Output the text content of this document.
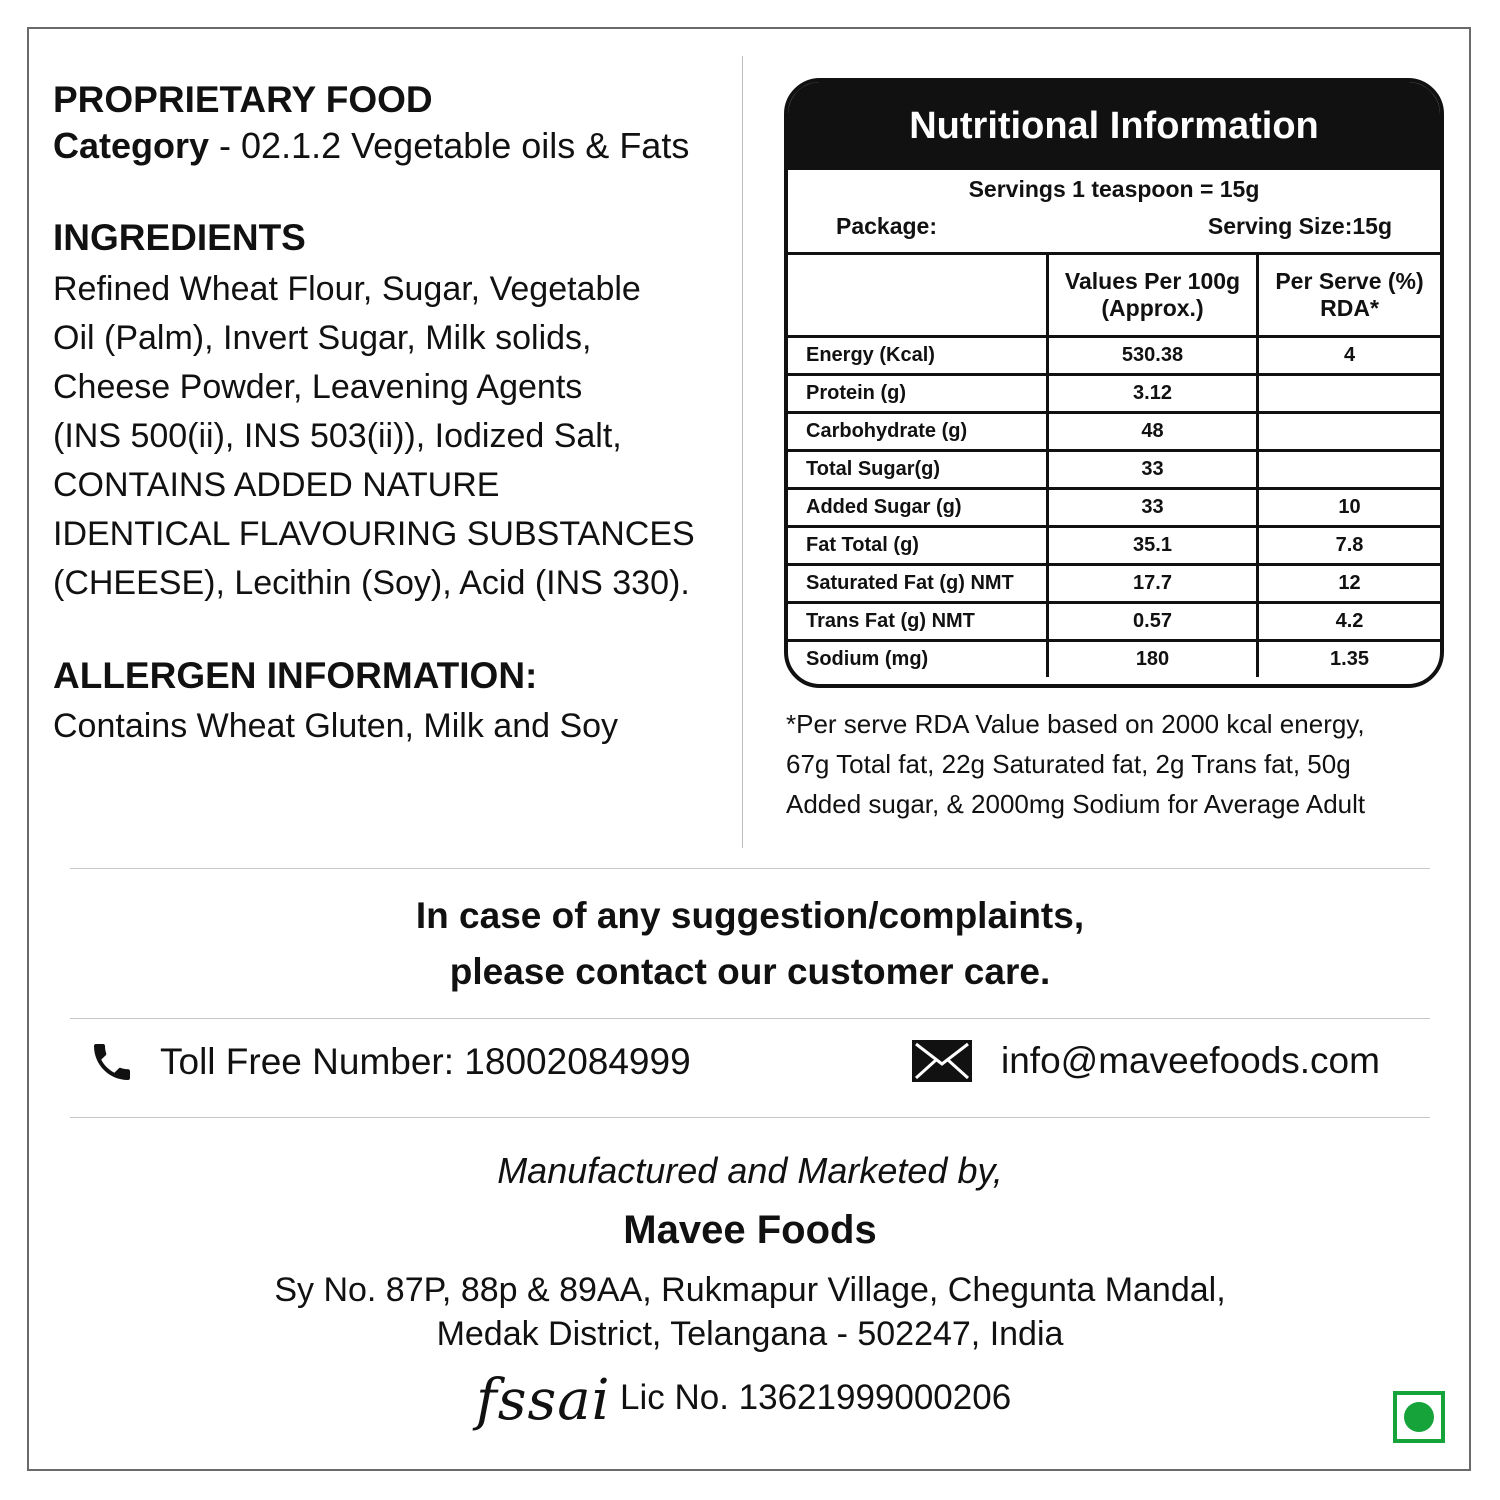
PROPRIETARY FOOD

Category - 02.1.2 Vegetable oils & Fats

INGREDIENTS

Refined Wheat Flour, Sugar, Vegetable
Oil (Palm), Invert Sugar, Milk solids,
Cheese Powder, Leavening Agents
(INS 500(ii), INS 503(ii)), Iodized Salt,
CONTAINS ADDED NATURE
IDENTICAL FLAVOURING SUBSTANCES
(CHEESE), Lecithin (Soy), Acid (INS 330).

ALLERGEN INFORMATION:

Contains Wheat Gluten, Milk and Soy

Nutritional Information
Servings 1 teaspoon = 15g
Package:	Serving Size:15g
	Values Per 100g (Approx.)	Per Serve (%) RDA*
Energy (Kcal)	530.38	4
Protein (g)	3.12	
Carbohydrate (g)	48	
Total Sugar(g)	33	
Added Sugar (g)	33	10
Fat Total (g)	35.1	7.8
Saturated Fat (g) NMT	17.7	12
Trans Fat (g) NMT	0.57	4.2
Sodium (mg)	180	1.35
*Per serve RDA Value based on 2000 kcal energy,
67g Total fat, 22g Saturated fat, 2g Trans fat, 50g
Added sugar, & 2000mg Sodium for Average Adult
In case of any suggestion/complaints,
please contact our customer care.
Toll Free Number: 18002084999	info@maveefoods.com
Manufactured and Marketed by,
Mavee Foods
Sy No. 87P, 88p & 89AA, Rukmapur Village, Chegunta Mandal,
Medak District, Telangana - 502247, India
fssai Lic No. 13621999000206
